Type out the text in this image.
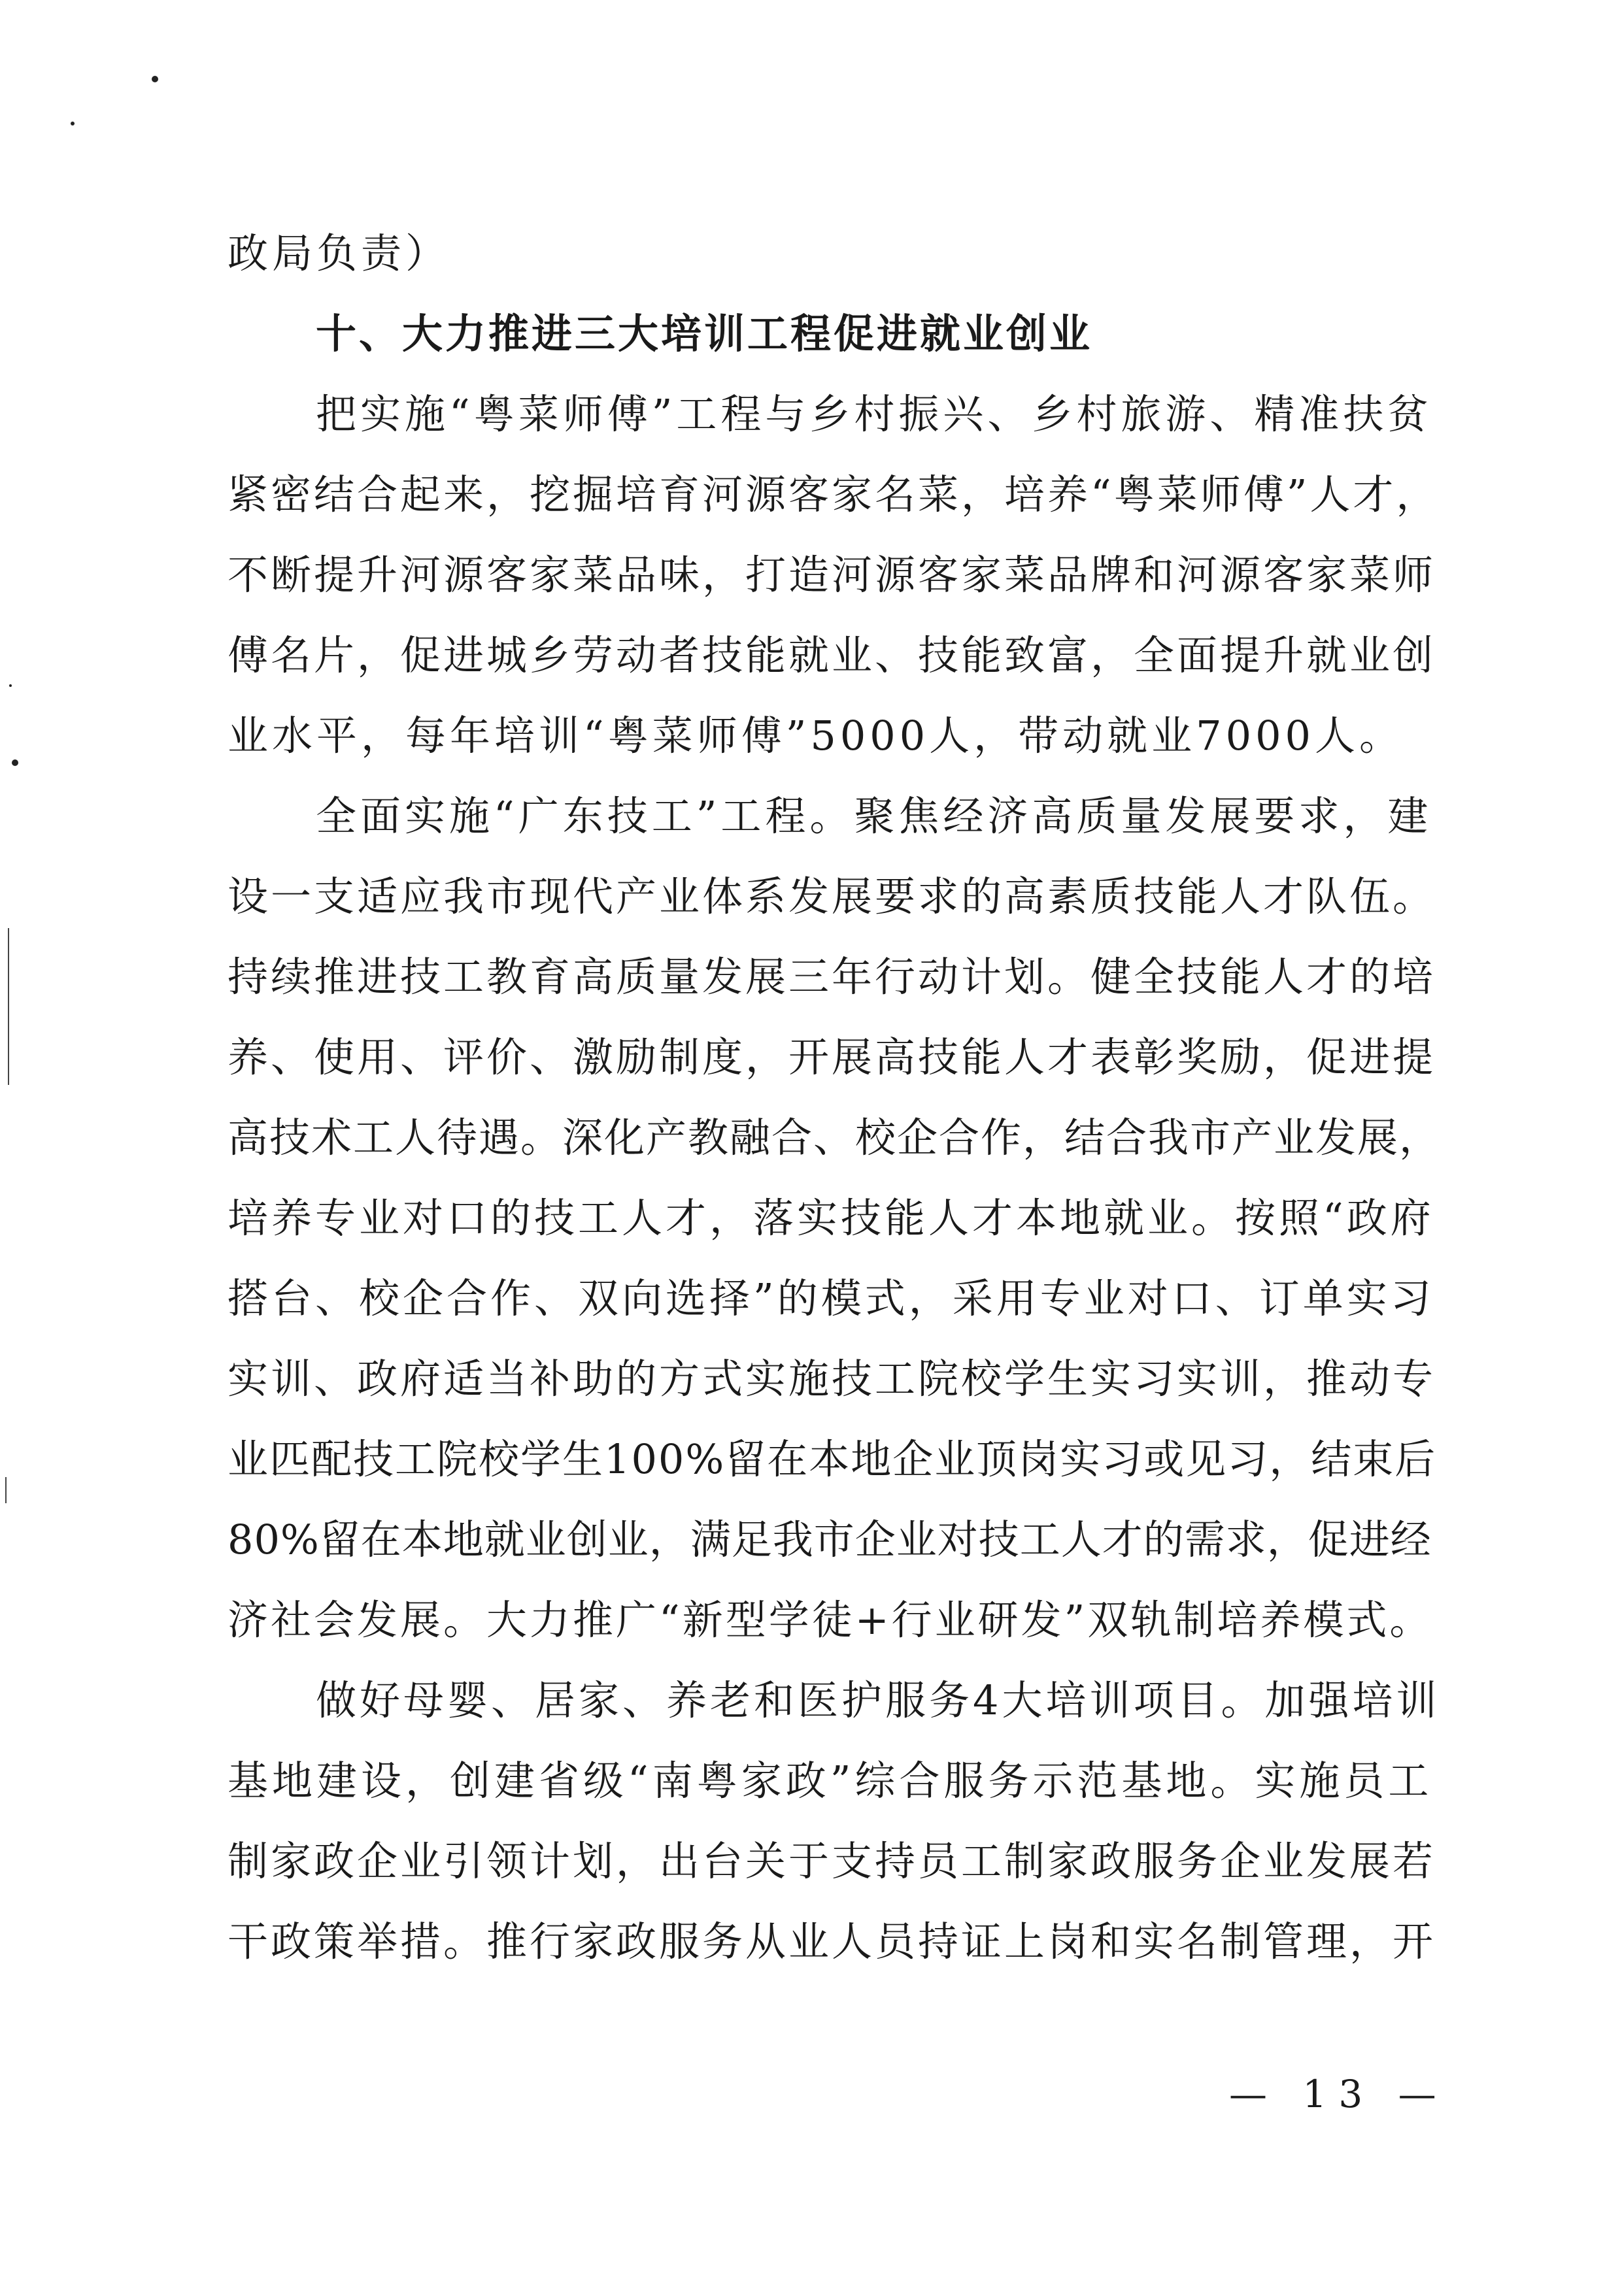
政局负责）
十、大力推进三大培训工程促进就业创业
把实施“粤菜师傅”工程与乡村振兴、乡村旅游、精准扶贫
紧密结合起来，挖掘培育河源客家名菜，培养“粤菜师傅”人才，
不断提升河源客家菜品味，打造河源客家菜品牌和河源客家菜师
傅名片，促进城乡劳动者技能就业、技能致富，全面提升就业创
业水平，每年培训“粤菜师傅”5000人，带动就业7000人。
全面实施“广东技工”工程。聚焦经济高质量发展要求，建
设一支适应我市现代产业体系发展要求的高素质技能人才队伍。
持续推进技工教育高质量发展三年行动计划。健全技能人才的培
养、使用、评价、激励制度，开展高技能人才表彰奖励，促进提
高技术工人待遇。深化产教融合、校企合作，结合我市产业发展，
培养专业对口的技工人才，落实技能人才本地就业。按照“政府
搭台、校企合作、双向选择”的模式，采用专业对口、订单实习
实训、政府适当补助的方式实施技工院校学生实习实训，推动专
业匹配技工院校学生100%留在本地企业顶岗实习或见习，结束后
80%留在本地就业创业，满足我市企业对技工人才的需求，促进经
济社会发展。大力推广“新型学徒+行业研发”双轨制培养模式。
做好母婴、居家、养老和医护服务4大培训项目。加强培训
基地建设，创建省级“南粤家政”综合服务示范基地。实施员工
制家政企业引领计划，出台关于支持员工制家政服务企业发展若
干政策举措。推行家政服务从业人员持证上岗和实名制管理，开
— 13 —
